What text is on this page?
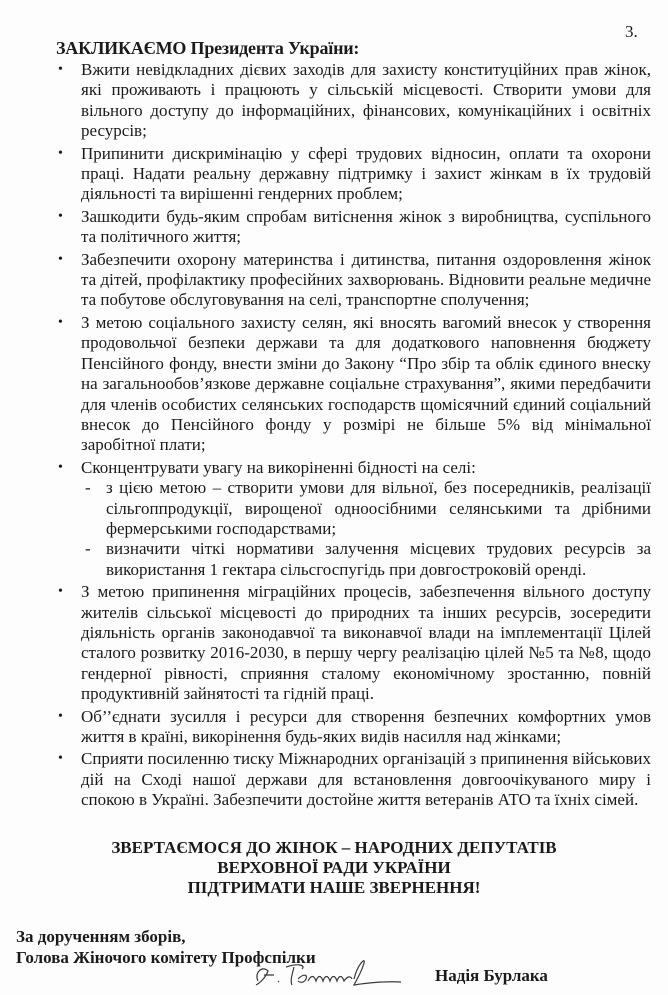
3.
ЗАКЛИКАЄМО Президента України:
• Вжити невідкладних дієвих заходів для захисту конституційних прав жінок, які проживають і працюють у сільській місцевості. Створити умови для вільного доступу до інформаційних, фінансових, комунікаційних і освітніх ресурсів;
• Припинити дискримінацію у сфері трудових відносин, оплати та охорони праці. Надати реальну державну підтримку і захист жінкам в їх трудовій діяльності та вирішенні гендерних проблем;
• Зашкодити будь-яким спробам витіснення жінок з виробництва, суспільного та політичного життя;
• Забезпечити охорону материнства і дитинства, питання оздоровлення жінок та дітей, профілактику професійних захворювань. Відновити реальне медичне та побутове обслуговування на селі, транспортне сполучення;
• З метою соціального захисту селян, які вносять вагомий внесок у створення продовольчої безпеки держави та для додаткового наповнення бюджету Пенсійного фонду, внести зміни до Закону “Про збір та облік єдиного внеску на загальнообов’язкове державне соціальне страхування”, якими передбачити для членів особистих селянських господарств щомісячний єдиний соціальний внесок до Пенсійного фонду у розмірі не більше 5% від мінімальної заробітної плати;
• Сконцентрувати увагу на викоріненні бідності на селі:
- з цією метою – створити умови для вільної, без посередників, реалізації сільгоппродукції, вирощеної одноосібними селянськими та дрібними фермерськими господарствами;
- визначити чіткі нормативи залучення місцевих трудових ресурсів за використання 1 гектара сільсгоспугідь при довгостроковій оренді.
• З метою припинення міграційних процесів, забезпечення вільного доступу жителів сільської місцевості до природних та інших ресурсів, зосередити діяльність органів законодавчої та виконавчої влади на імплементації Цілей сталого розвитку 2016-2030, в першу чергу реалізацію цілей №5 та №8, щодо гендерної рівності, сприяння сталому економічному зростанню, повній продуктивній зайнятості та гідній праці.
• Об’’єднати зусилля і ресурси для створення безпечних комфортних умов життя в країні, викорінення будь-яких видів насилля над жінками;
• Сприяти посиленню тиску Міжнародних організацій з припинення військових дій на Сході нашої держави для встановлення довгоочікуваного миру і спокою в Україні. Забезпечити достойне життя ветеранів АТО та їхніх сімей.
ЗВЕРТАЄМОСЯ ДО ЖІНОК – НАРОДНИХ ДЕПУТАТІВ
ВЕРХОВНОЇ РАДИ УКРАЇНИ
ПІДТРИМАТИ НАШЕ ЗВЕРНЕННЯ!
За дорученням зборів,
Голова Жіночого комітету Профспілки
Надія Бурлака
